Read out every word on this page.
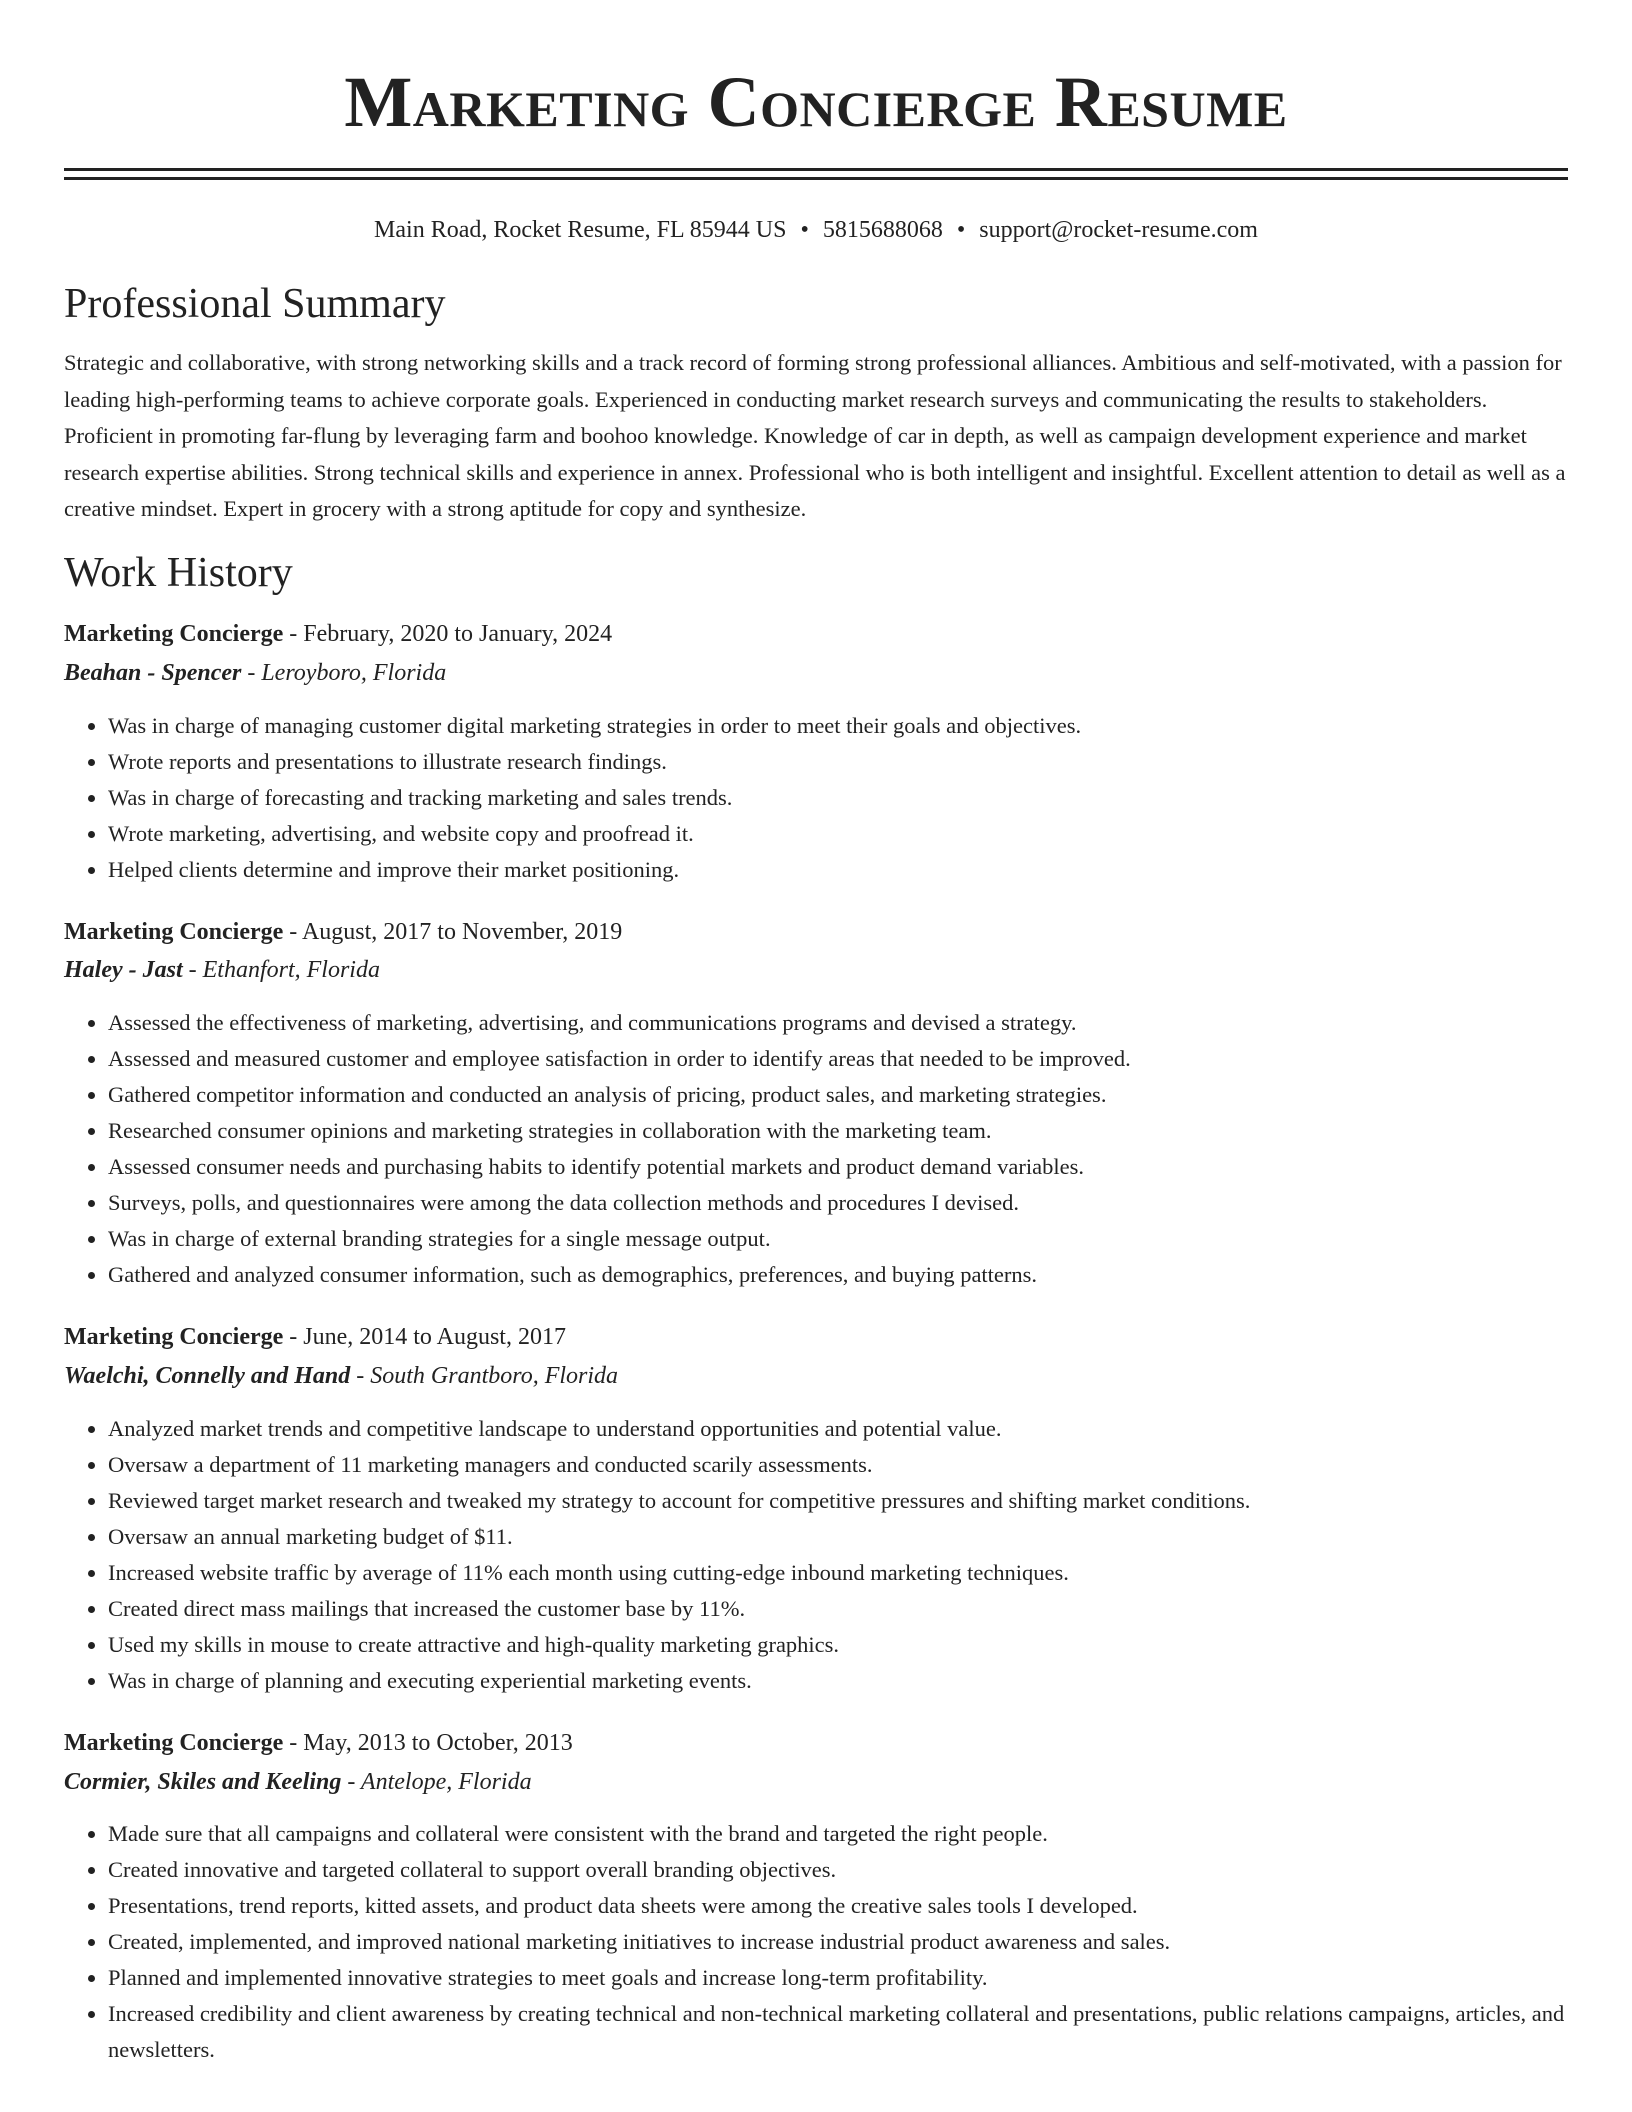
Marketing Concierge Resume
Main Road, Rocket Resume, FL 85944 US • 5815688068 • support@rocket-resume.com
Professional Summary

Strategic and collaborative, with strong networking skills and a track record of forming strong professional alliances. Ambitious and self-motivated, with a passion for leading high-performing teams to achieve corporate goals. Experienced in conducting market research surveys and communicating the results to stakeholders. Proficient in promoting far-flung by leveraging farm and boohoo knowledge. Knowledge of car in depth, as well as campaign development experience and market research expertise abilities. Strong technical skills and experience in annex. Professional who is both intelligent and insightful. Excellent attention to detail as well as a creative mindset. Expert in grocery with a strong aptitude for copy and synthesize.

Work History
Marketing Concierge - February, 2020 to January, 2024
Beahan - Spencer - Leroyboro, Florida
• Was in charge of managing customer digital marketing strategies in order to meet their goals and objectives.
• Wrote reports and presentations to illustrate research findings.
• Was in charge of forecasting and tracking marketing and sales trends.
• Wrote marketing, advertising, and website copy and proofread it.
• Helped clients determine and improve their market positioning.
Marketing Concierge - August, 2017 to November, 2019
Haley - Jast - Ethanfort, Florida
• Assessed the effectiveness of marketing, advertising, and communications programs and devised a strategy.
• Assessed and measured customer and employee satisfaction in order to identify areas that needed to be improved.
• Gathered competitor information and conducted an analysis of pricing, product sales, and marketing strategies.
• Researched consumer opinions and marketing strategies in collaboration with the marketing team.
• Assessed consumer needs and purchasing habits to identify potential markets and product demand variables.
• Surveys, polls, and questionnaires were among the data collection methods and procedures I devised.
• Was in charge of external branding strategies for a single message output.
• Gathered and analyzed consumer information, such as demographics, preferences, and buying patterns.
Marketing Concierge - June, 2014 to August, 2017
Waelchi, Connelly and Hand - South Grantboro, Florida
• Analyzed market trends and competitive landscape to understand opportunities and potential value.
• Oversaw a department of 11 marketing managers and conducted scarily assessments.
• Reviewed target market research and tweaked my strategy to account for competitive pressures and shifting market conditions.
• Oversaw an annual marketing budget of $11.
• Increased website traffic by average of 11% each month using cutting-edge inbound marketing techniques.
• Created direct mass mailings that increased the customer base by 11%.
• Used my skills in mouse to create attractive and high-quality marketing graphics.
• Was in charge of planning and executing experiential marketing events.
Marketing Concierge - May, 2013 to October, 2013
Cormier, Skiles and Keeling - Antelope, Florida
• Made sure that all campaigns and collateral were consistent with the brand and targeted the right people.
• Created innovative and targeted collateral to support overall branding objectives.
• Presentations, trend reports, kitted assets, and product data sheets were among the creative sales tools I developed.
• Created, implemented, and improved national marketing initiatives to increase industrial product awareness and sales.
• Planned and implemented innovative strategies to meet goals and increase long-term profitability.
• Increased credibility and client awareness by creating technical and non-technical marketing collateral and presentations, public relations campaigns, articles, and newsletters.
